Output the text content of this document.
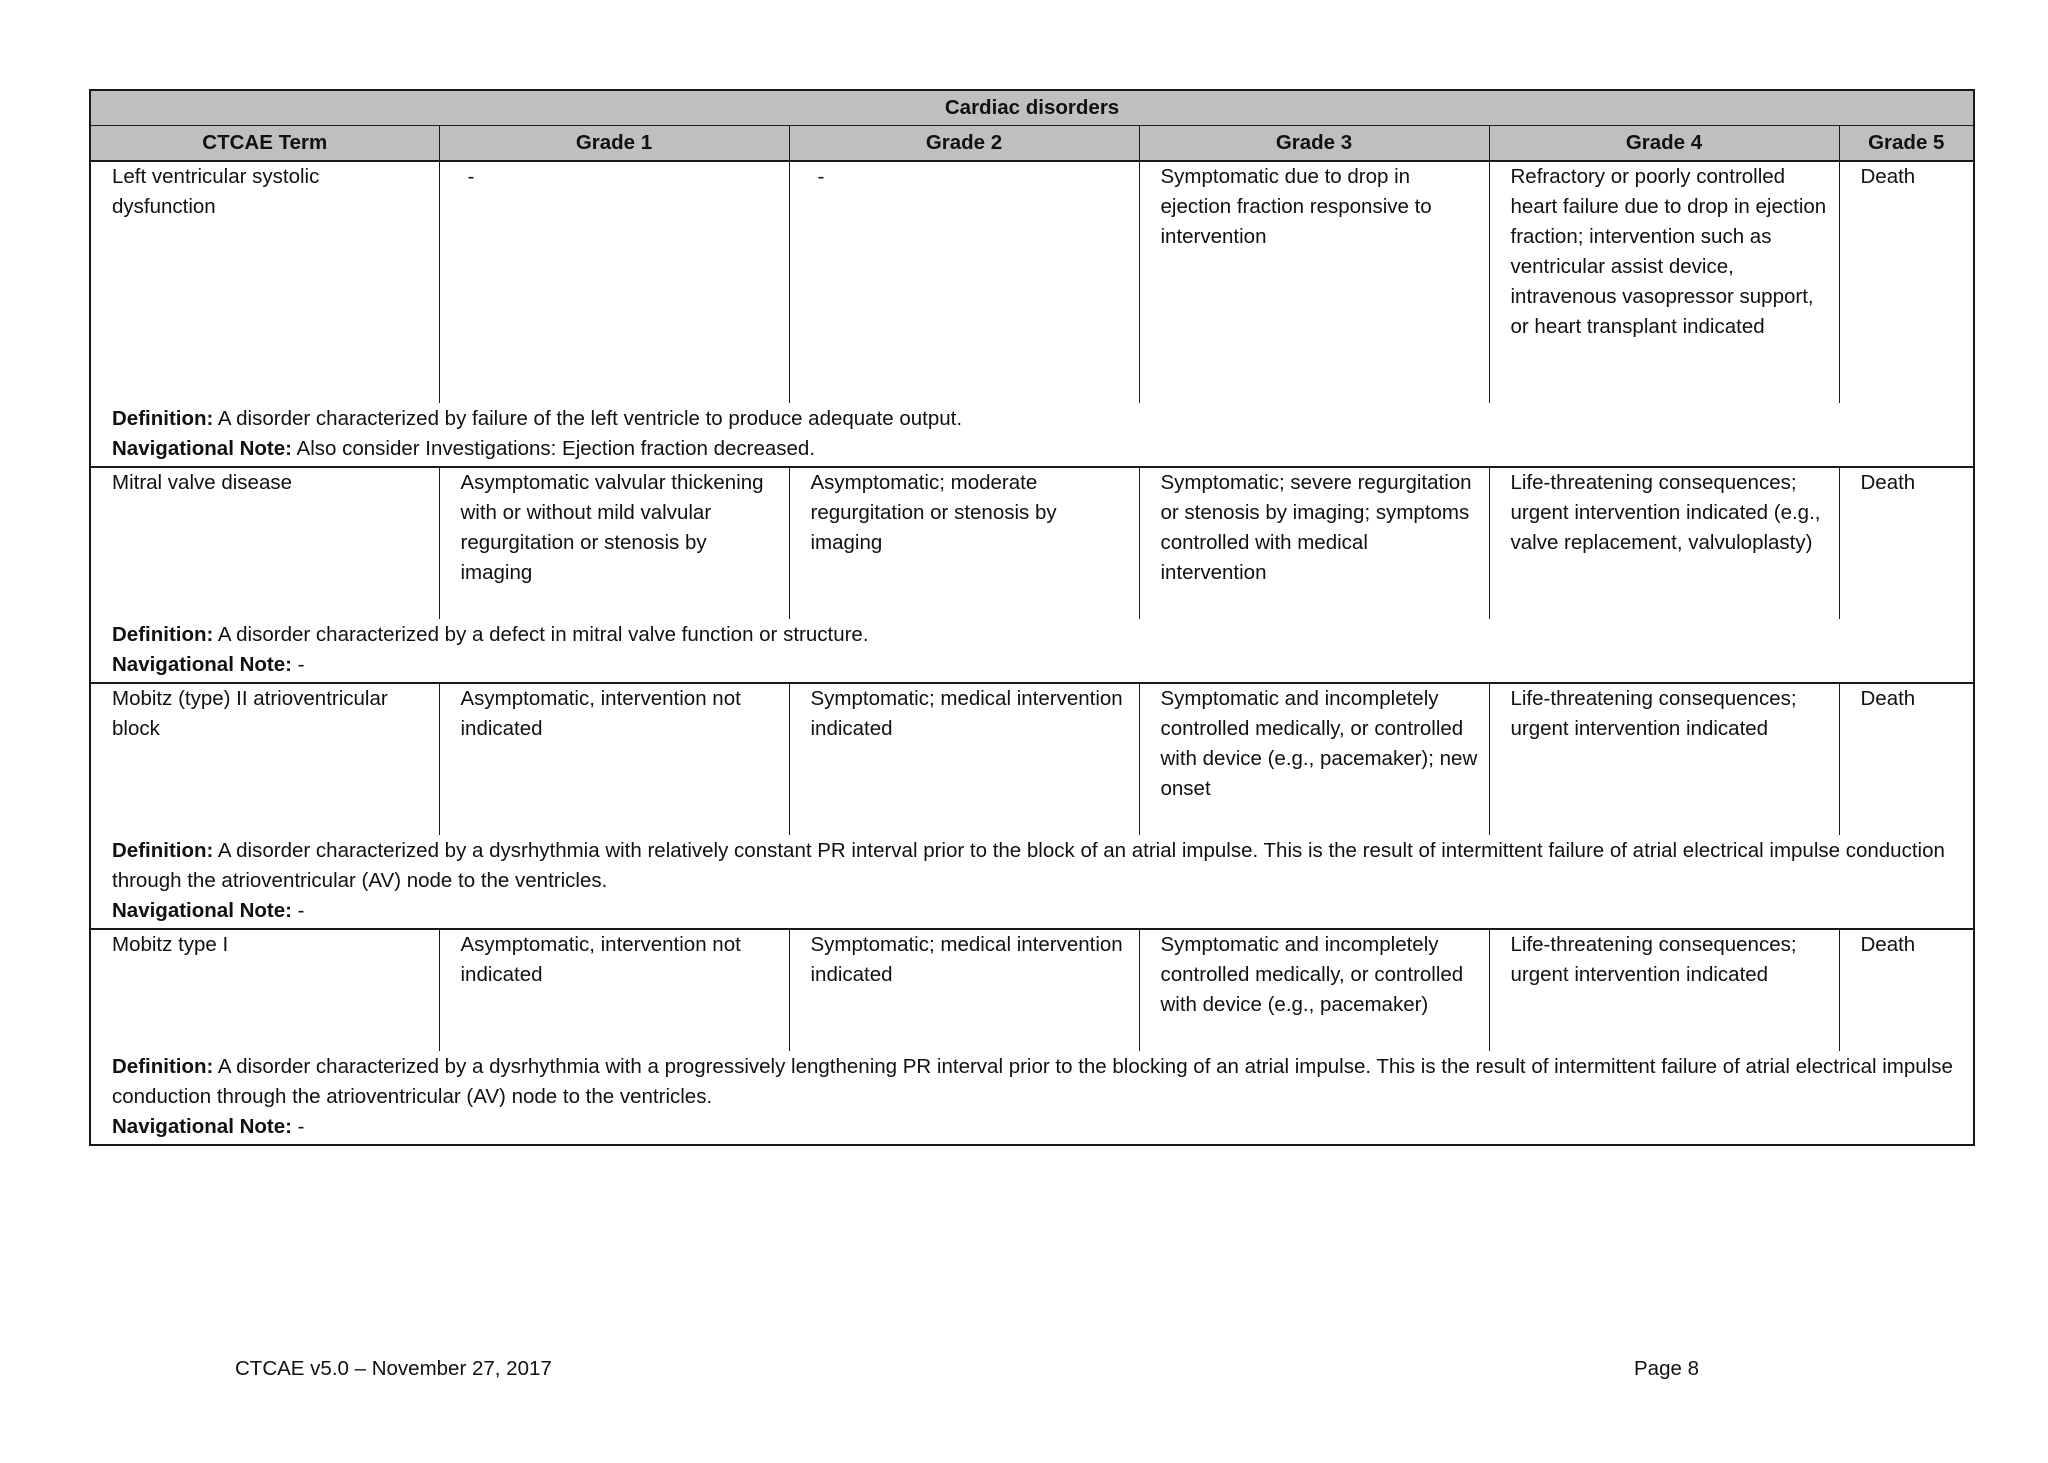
Cardiac disorders					
CTCAE Term	Grade 1	Grade 2	Grade 3	Grade 4	Grade 5
Left ventricular systolic dysfunction	-	-	Symptomatic due to drop in ejection fraction responsive to intervention	Refractory or poorly controlled heart failure due to drop in ejection fraction; intervention such as ventricular assist device, intravenous vasopressor support, or heart transplant indicated	Death
Definition: A disorder characterized by failure of the left ventricle to produce adequate output.					
Navigational Note: Also consider Investigations: Ejection fraction decreased.					
Mitral valve disease	Asymptomatic valvular thickening with or without mild valvular regurgitation or stenosis by imaging	Asymptomatic; moderate regurgitation or stenosis by imaging	Symptomatic; severe regurgitation or stenosis by imaging; symptoms controlled with medical intervention	Life-threatening consequences; urgent intervention indicated (e.g., valve replacement, valvuloplasty)	Death
Definition: A disorder characterized by a defect in mitral valve function or structure.					
Navigational Note: -					
Mobitz (type) II atrioventricular block	Asymptomatic, intervention not indicated	Symptomatic; medical intervention indicated	Symptomatic and incompletely controlled medically, or controlled with device (e.g., pacemaker); new onset	Life-threatening consequences; urgent intervention indicated	Death
Definition: A disorder characterized by a dysrhythmia with relatively constant PR interval prior to the block of an atrial impulse. This is the result of intermittent failure of atrial electrical impulse conduction through the atrioventricular (AV) node to the ventricles.					
Navigational Note: -					
Mobitz type I	Asymptomatic, intervention not indicated	Symptomatic; medical intervention indicated	Symptomatic and incompletely controlled medically, or controlled with device (e.g., pacemaker)	Life-threatening consequences; urgent intervention indicated	Death
Definition: A disorder characterized by a dysrhythmia with a progressively lengthening PR interval prior to the blocking of an atrial impulse. This is the result of intermittent failure of atrial electrical impulse conduction through the atrioventricular (AV) node to the ventricles.					
Navigational Note: -					
CTCAE v5.0 – November 27, 2017	Page 8
